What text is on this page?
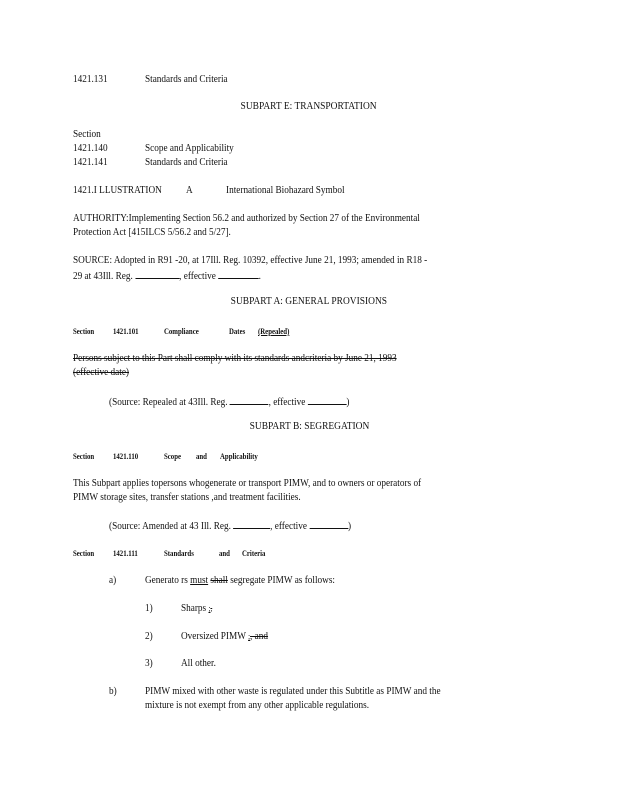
1421.131	Standards and Criteria
SUBPART E: TRANSPORTATION
Section
1421.140	Scope and Applicability
1421.141	Standards and Criteria
1421.I LLUSTRATION A	International Biohazard Symbol
AUTHORITY:Implementing Section 56.2 and authorized by Section 27 of the Environmental
Protection Act [415ILCS 5/56.2 and 5/27].
SOURCE: Adopted in R91 -20, at 17Ill. Reg. 10392, effective June 21, 1993; amended in R18 -
29 at 43Ill. Reg.	, effective	.
SUBPART A: GENERAL PROVISIONS
Section 1421.101	Compliance	Dates (Repealed)
Persons subject to this Part shall comply with its standards andcriteria by June 21, 1993
(effective date)
(Source: Repealed at 43Ill. Reg.	, effective	)
SUBPART B: SEGREGATION
Section 1421.110	Scope and Applicability
This Subpart applies topersons whogenerate or transport PIMW, and to owners or operators of
PIMW storage sites, transfer stations ,and treatment facilities.
(Source: Amended at 43 Ill. Reg.	, effective	)
Section 1421.111	Standards	and Criteria
a)	Generato rs must shall segregate PIMW as follows:
1)	Sharps ;,
2)	Oversized PIMW ;, and
3)	All other.
b)	PIMW mixed with other waste is regulated under this Subtitle as PIMW and the
mixture is not exempt from any other applicable regulations.
